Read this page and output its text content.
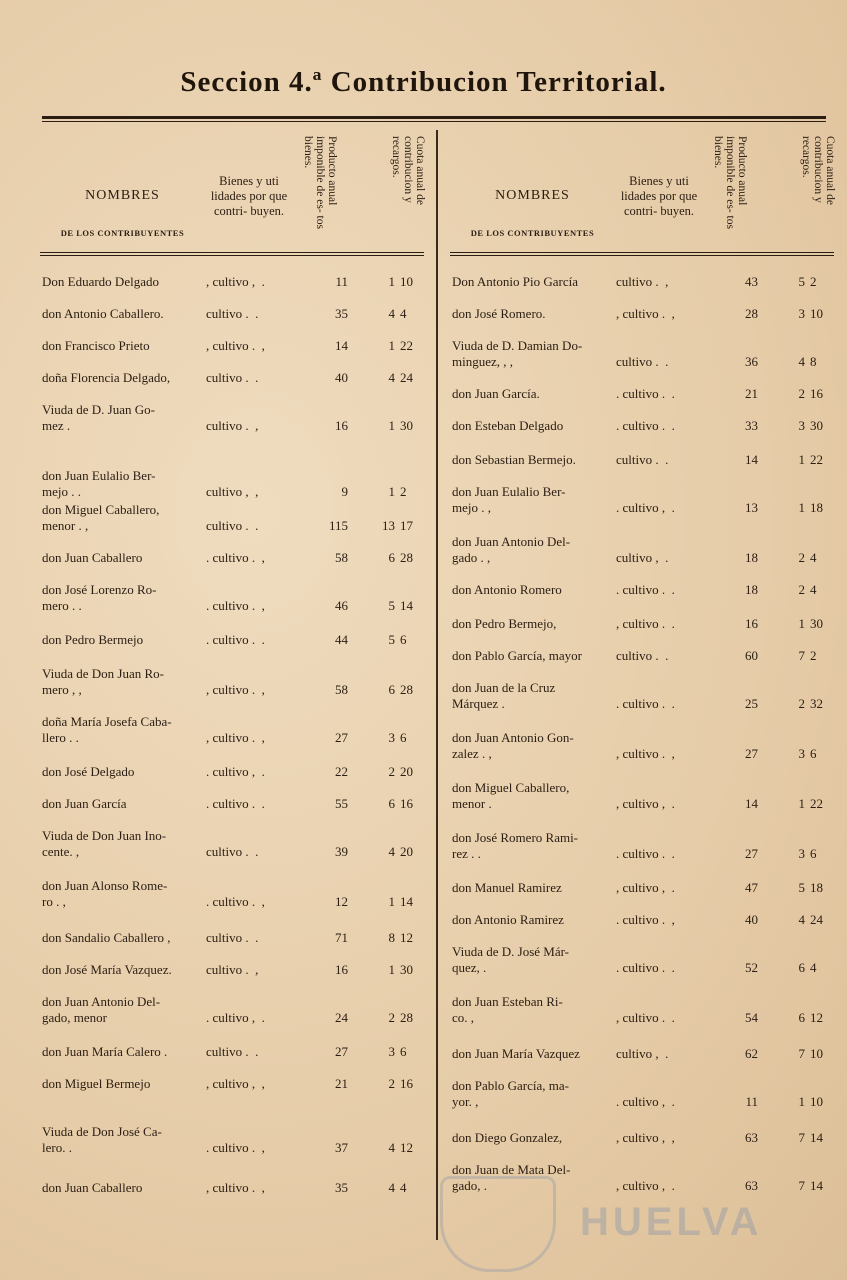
Seccion 4.ª Contribucion Territorial.
NOMBRES
DE LOS CONTRIBUYENTES
Bienes y uti lidades por que contri- buyen.
Producto anual imponible de es- tos bienes.	Cuota anual de contribucion y recargos.
Don Eduardo Delgado	, cultivo ,  .	11	1 10
don Antonio Caballero.	cultivo .  .	35	4 4
don Francisco Prieto	, cultivo .  ,	14	1 22
doña Florencia Delgado,	cultivo .  .	40	4 24
Viuda de D. Juan Go-
mez .	cultivo .  ,	16	1 30
don Juan Eulalio Ber-
mejo . .	cultivo ,  ,	9	1 2
don Miguel Caballero,
menor . ,	cultivo .  .	115	13 17
don Juan Caballero	. cultivo .  ,	58	6 28
don José Lorenzo Ro-
mero . .	. cultivo .  ,	46	5 14
don Pedro Bermejo	. cultivo .  .	44	5 6
Viuda de Don Juan Ro-
mero , ,	, cultivo .  ,	58	6 28
doña María Josefa Caba-
llero . .	, cultivo .  ,	27	3 6
don José Delgado	. cultivo ,  .	22	2 20
don Juan García	. cultivo .  .	55	6 16
Viuda de Don Juan Ino-
cente. ,	cultivo .  .	39	4 20
don Juan Alonso Rome-
ro . ,	. cultivo .  ,	12	1 14
don Sandalio Caballero ,	cultivo .  .	71	8 12
don José María Vazquez.	cultivo .  ,	16	1 30
don Juan Antonio Del-
gado, menor	. cultivo ,  .	24	2 28
don Juan María Calero .	cultivo .  .	27	3 6
don Miguel Bermejo	, cultivo ,  ,	21	2 16
Viuda de Don José Ca-
lero. .	. cultivo .  ,	37	4 12
don Juan Caballero	, cultivo .  ,	35	4 4
NOMBRES
DE LOS CONTRIBUYENTES
Bienes y uti lidades por que contri- buyen.
Producto anual imponible de es- tos bienes.	Cuota anual de contribucion y recargos.
Don Antonio Pio García	cultivo .  ,	43	5 2
don José Romero.	, cultivo .  ,	28	3 10
Viuda de D. Damian Do-
minguez, , ,	cultivo .  .	36	4 8
don Juan García.	. cultivo .  .	21	2 16
don Esteban Delgado	. cultivo .  .	33	3 30
don Sebastian Bermejo.	cultivo .  .	14	1 22
don Juan Eulalio Ber-
mejo . ,	. cultivo ,  .	13	1 18
don Juan Antonio Del-
gado . ,	cultivo ,  .	18	2 4
don Antonio Romero	. cultivo .  .	18	2 4
don Pedro Bermejo,	, cultivo .  .	16	1 30
don Pablo García, mayor	cultivo .  .	60	7 2
don Juan de la Cruz
Márquez .	. cultivo .  .	25	2 32
don Juan Antonio Gon-
zalez . ,	, cultivo .  ,	27	3 6
don Miguel Caballero,
menor .	, cultivo ,  .	14	1 22
don José Romero Rami-
rez . .	. cultivo .  .	27	3 6
don Manuel Ramirez	, cultivo ,  .	47	5 18
don Antonio Ramirez	. cultivo .  ,	40	4 24
Viuda de D. José Már-
quez, .	. cultivo .  .	52	6 4
don Juan Esteban Ri-
co. ,	, cultivo .  .	54	6 12
don Juan María Vazquez	cultivo ,  .	62	7 10
don Pablo García, ma-
yor. ,	. cultivo ,  .	11	1 10
don Diego Gonzalez,	, cultivo ,  ,	63	7 14
don Juan de Mata Del-
gado, .	, cultivo ,  .	63	7 14
HUELVA
